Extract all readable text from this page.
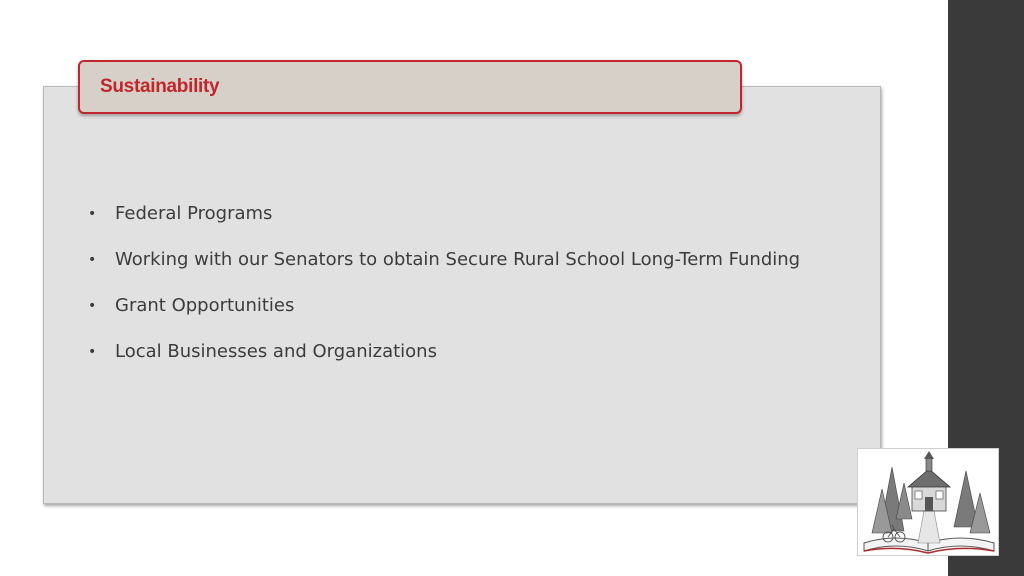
Sustainability
• Federal Programs
• Working with our Senators to obtain Secure Rural School Long-Term Funding
• Grant Opportunities
• Local Businesses and Organizations
